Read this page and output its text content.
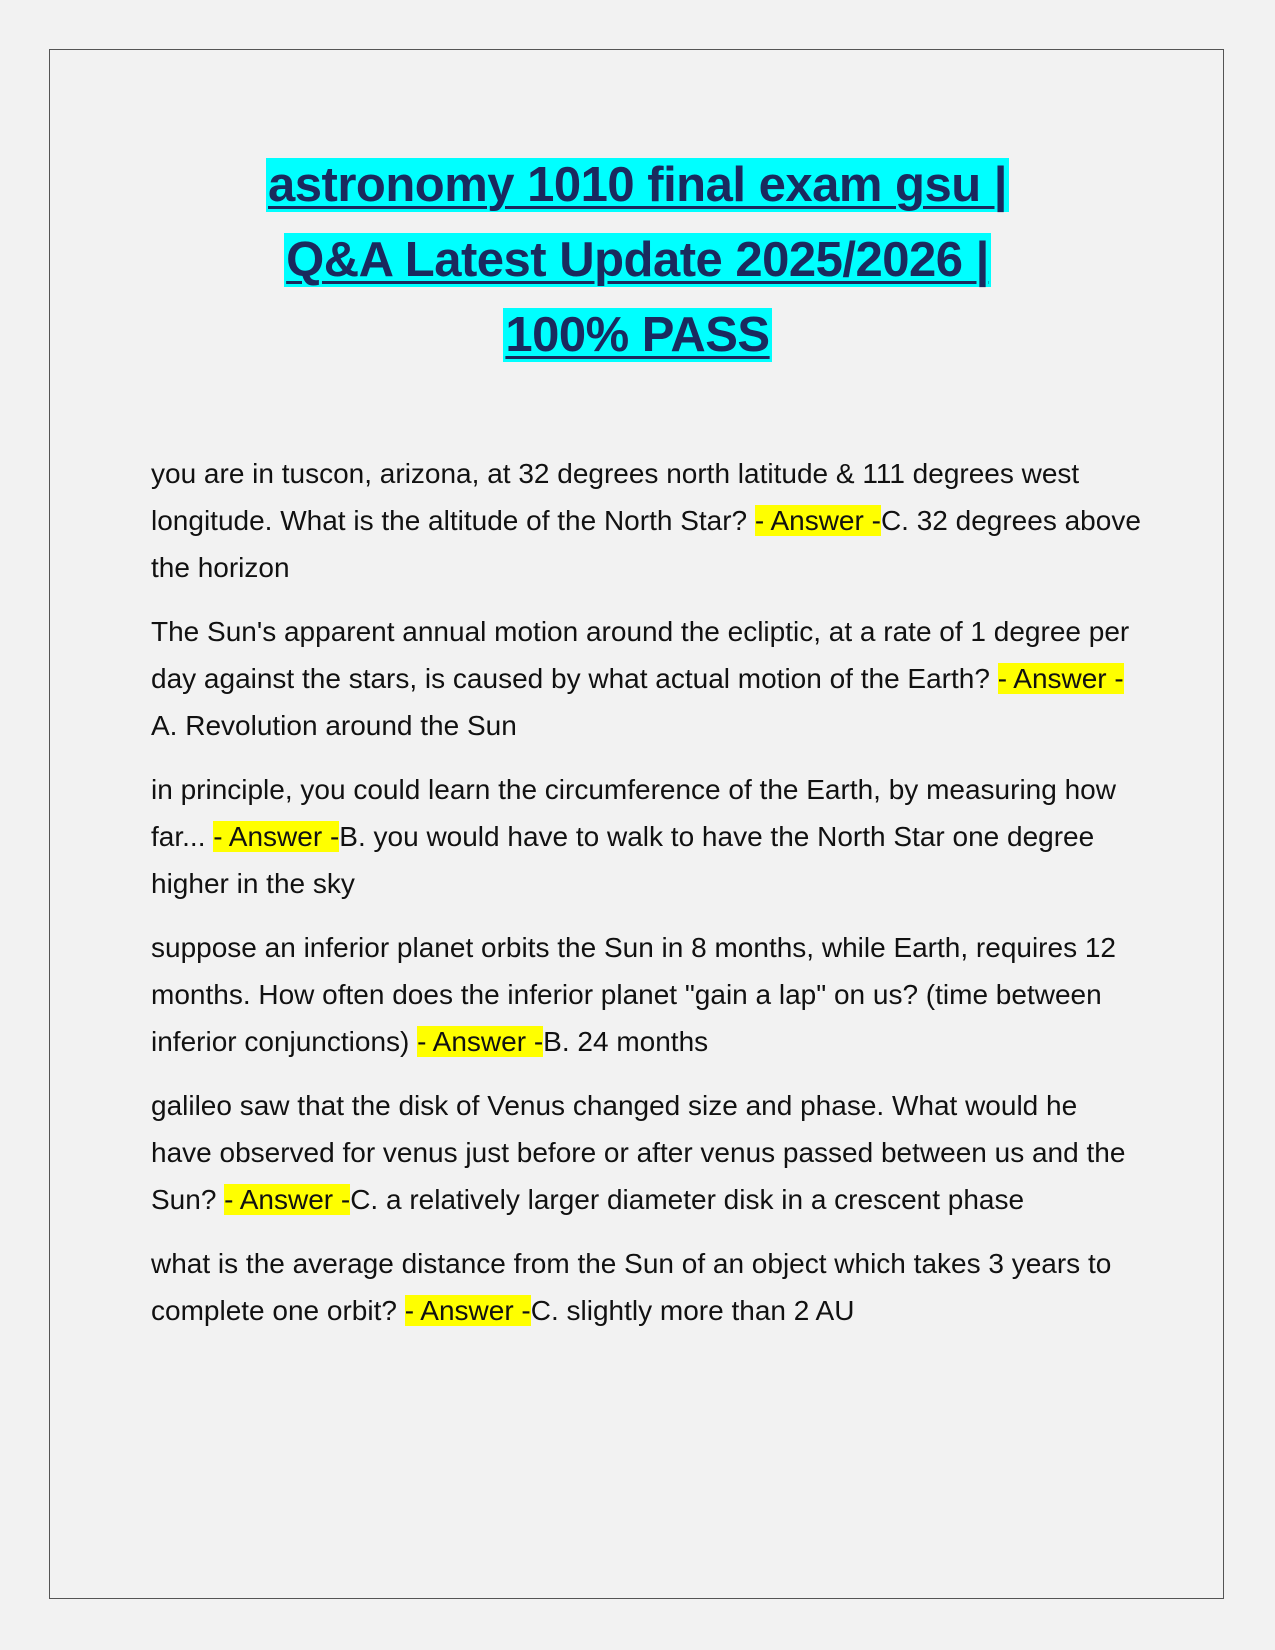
astronomy 1010 final exam gsu |
Q&A Latest Update 2025/2026 |
100% PASS

you are in tuscon, arizona, at 32 degrees north latitude & 111 degrees west longitude. What is the altitude of the North Star? - Answer -C. 32 degrees above the horizon

The Sun's apparent annual motion around the ecliptic, at a rate of 1 degree per day against the stars, is caused by what actual motion of the Earth? - Answer -A. Revolution around the Sun

in principle, you could learn the circumference of the Earth, by measuring how far... - Answer -B. you would have to walk to have the North Star one degree higher in the sky

suppose an inferior planet orbits the Sun in 8 months, while Earth, requires 12 months. How often does the inferior planet "gain a lap" on us? (time between inferior conjunctions) - Answer -B. 24 months

galileo saw that the disk of Venus changed size and phase. What would he have observed for venus just before or after venus passed between us and the Sun? - Answer -C. a relatively larger diameter disk in a crescent phase

what is the average distance from the Sun of an object which takes 3 years to complete one orbit? - Answer -C. slightly more than 2 AU
